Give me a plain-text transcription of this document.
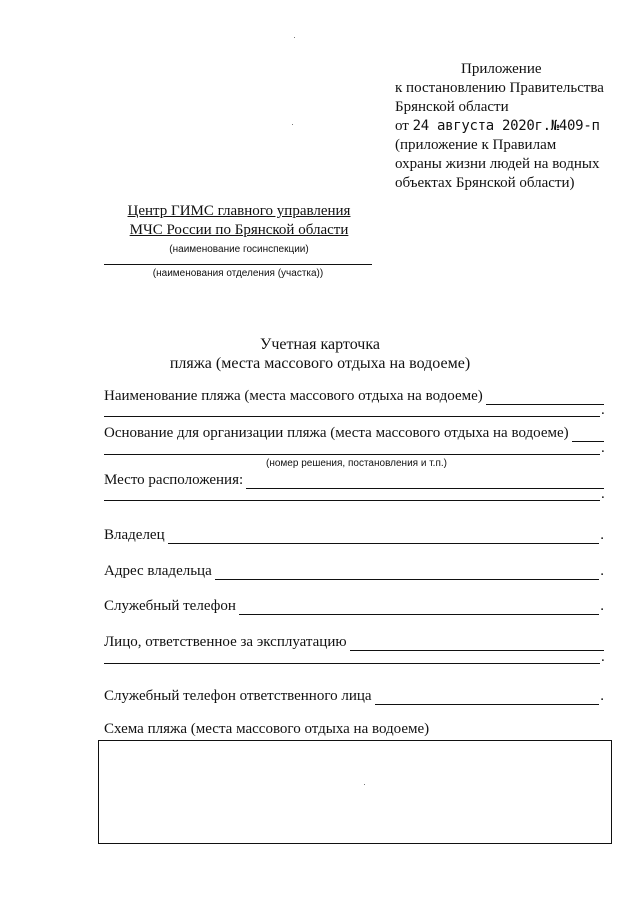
Приложение
к постановлению Правительства
Брянской области
от 24 августа 2020г.№409-п
(приложение к Правилам
охраны жизни людей на водных
объектах Брянской области)
Центр ГИМС главного управления
МЧС России по Брянской области
(наименование госинспекции)
(наименования отделения (участка))
Учетная карточка
пляжа (места массового отдыха на водоеме)
Наименование пляжа (места массового отдыха на водоеме)
.
Основание для организации пляжа (места массового отдыха на водоеме)
.
(номер решения, постановления и т.п.)
Место расположения:
.
Владелец	.
Адрес владельца	.
Служебный телефон	.
Лицо, ответственное за эксплуатацию
.
Служебный телефон ответственного лица	.
Схема пляжа (места массового отдыха на водоеме)
